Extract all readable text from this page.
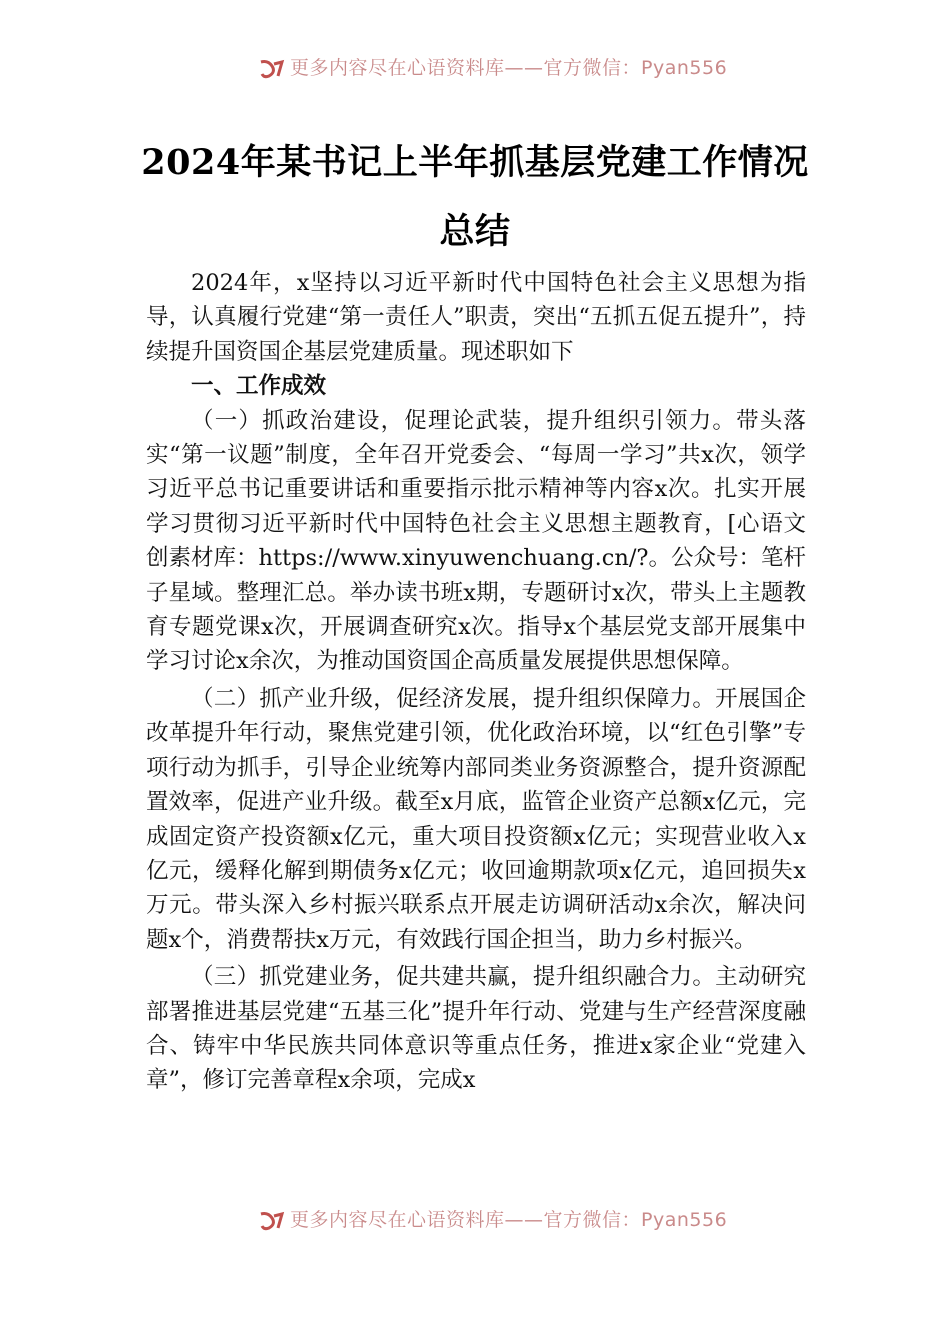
更多内容尽在心语资料库——官方微信：Pyan556
2024年某书记上半年抓基层党建工作情况
总结

2024年，x坚持以习近平新时代中国特色社会主义思想为指导，认真履行党建“第一责任人”职责，突出“五抓五促五提升”，持续提升国资国企基层党建质量。现述职如下

一、工作成效

（一）抓政治建设，促理论武装，提升组织引领力。带头落实“第一议题”制度，全年召开党委会、“每周一学习”共x次，领学习近平总书记重要讲话和重要指示批示精神等内容x次。扎实开展学习贯彻习近平新时代中国特色社会主义思想主题教育，[心语文创素材库：https://www.xinyuwenchuang.cn/?。公众号：笔杆子星域。整理汇总。举办读书班x期，专题研讨x次，带头上主题教育专题党课x次，开展调查研究x次。指导x个基层党支部开展集中学习讨论x余次，为推动国资国企高质量发展提供思想保障。

（二）抓产业升级，促经济发展，提升组织保障力。开展国企改革提升年行动，聚焦党建引领，优化政治环境，以“红色引擎”专项行动为抓手，引导企业统筹内部同类业务资源整合，提升资源配置效率，促进产业升级。截至x月底，监管企业资产总额x亿元，完成固定资产投资额x亿元，重大项目投资额x亿元；实现营业收入x亿元，缓释化解到期债务x亿元；收回逾期款项x亿元，追回损失x万元。带头深入乡村振兴联系点开展走访调研活动x余次，解决问题x个，消费帮扶x万元，有效践行国企担当，助力乡村振兴。

（三）抓党建业务，促共建共赢，提升组织融合力。主动研究部署推进基层党建“五基三化”提升年行动、党建与生产经营深度融合、铸牢中华民族共同体意识等重点任务，推进x家企业“党建入章”，修订完善章程x余项，完成x

更多内容尽在心语资料库——官方微信：Pyan556
